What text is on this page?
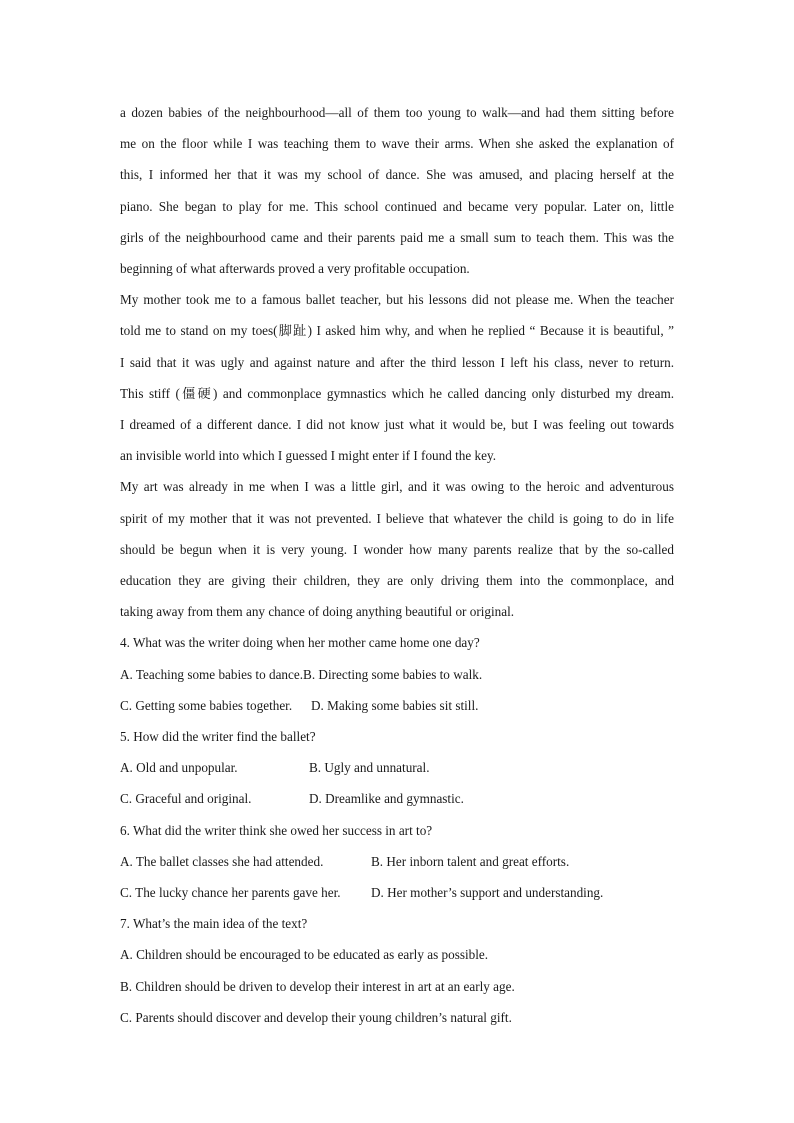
a dozen babies of the neighbourhood—all of them too young to walk—and had them sitting before
me on the floor while I was teaching them to wave their arms. When she asked the explanation of
this, I informed her that it was my school of dance. She was amused, and placing herself at the
piano. She began to play for me. This school continued and became very popular. Later on, little
girls of the neighbourhood came and their parents paid me a small sum to teach them. This was the
beginning of what afterwards proved a very profitable occupation.
My mother took me to a famous ballet teacher, but his lessons did not please me. When the teacher
told me to stand on my toes(脚趾) I asked him why, and when he replied “ Because it is beautiful, ”
I said that it was ugly and against nature and after the third lesson I left his class, never to return.
This stiff (僵硬) and commonplace gymnastics which he called dancing only disturbed my dream.
I dreamed of a different dance. I did not know just what it would be, but I was feeling out towards
an invisible world into which I guessed I might enter if I found the key.
My art was already in me when I was a little girl, and it was owing to the heroic and adventurous
spirit of my mother that it was not prevented. I believe that whatever the child is going to do in life
should be begun when it is very young. I wonder how many parents realize that by the so-called
education they are giving their children, they are only driving them into the commonplace, and
taking away from them any chance of doing anything beautiful or original.
4. What was the writer doing when her mother came home one day?
A. Teaching some babies to dance.B. Directing some babies to walk.
C. Getting some babies together. D. Making some babies sit still.
5. How did the writer find the ballet?
A. Old and unpopular.	B. Ugly and unnatural.
C. Graceful and original.	D. Dreamlike and gymnastic.
6. What did the writer think she owed her success in art to?
A. The ballet classes she had attended.	B. Her inborn talent and great efforts.
C. The lucky chance her parents gave her. D. Her mother’s support and understanding.
7. What’s the main idea of the text?
A. Children should be encouraged to be educated as early as possible.
B. Children should be driven to develop their interest in art at an early age.
C. Parents should discover and develop their young children’s natural gift.
